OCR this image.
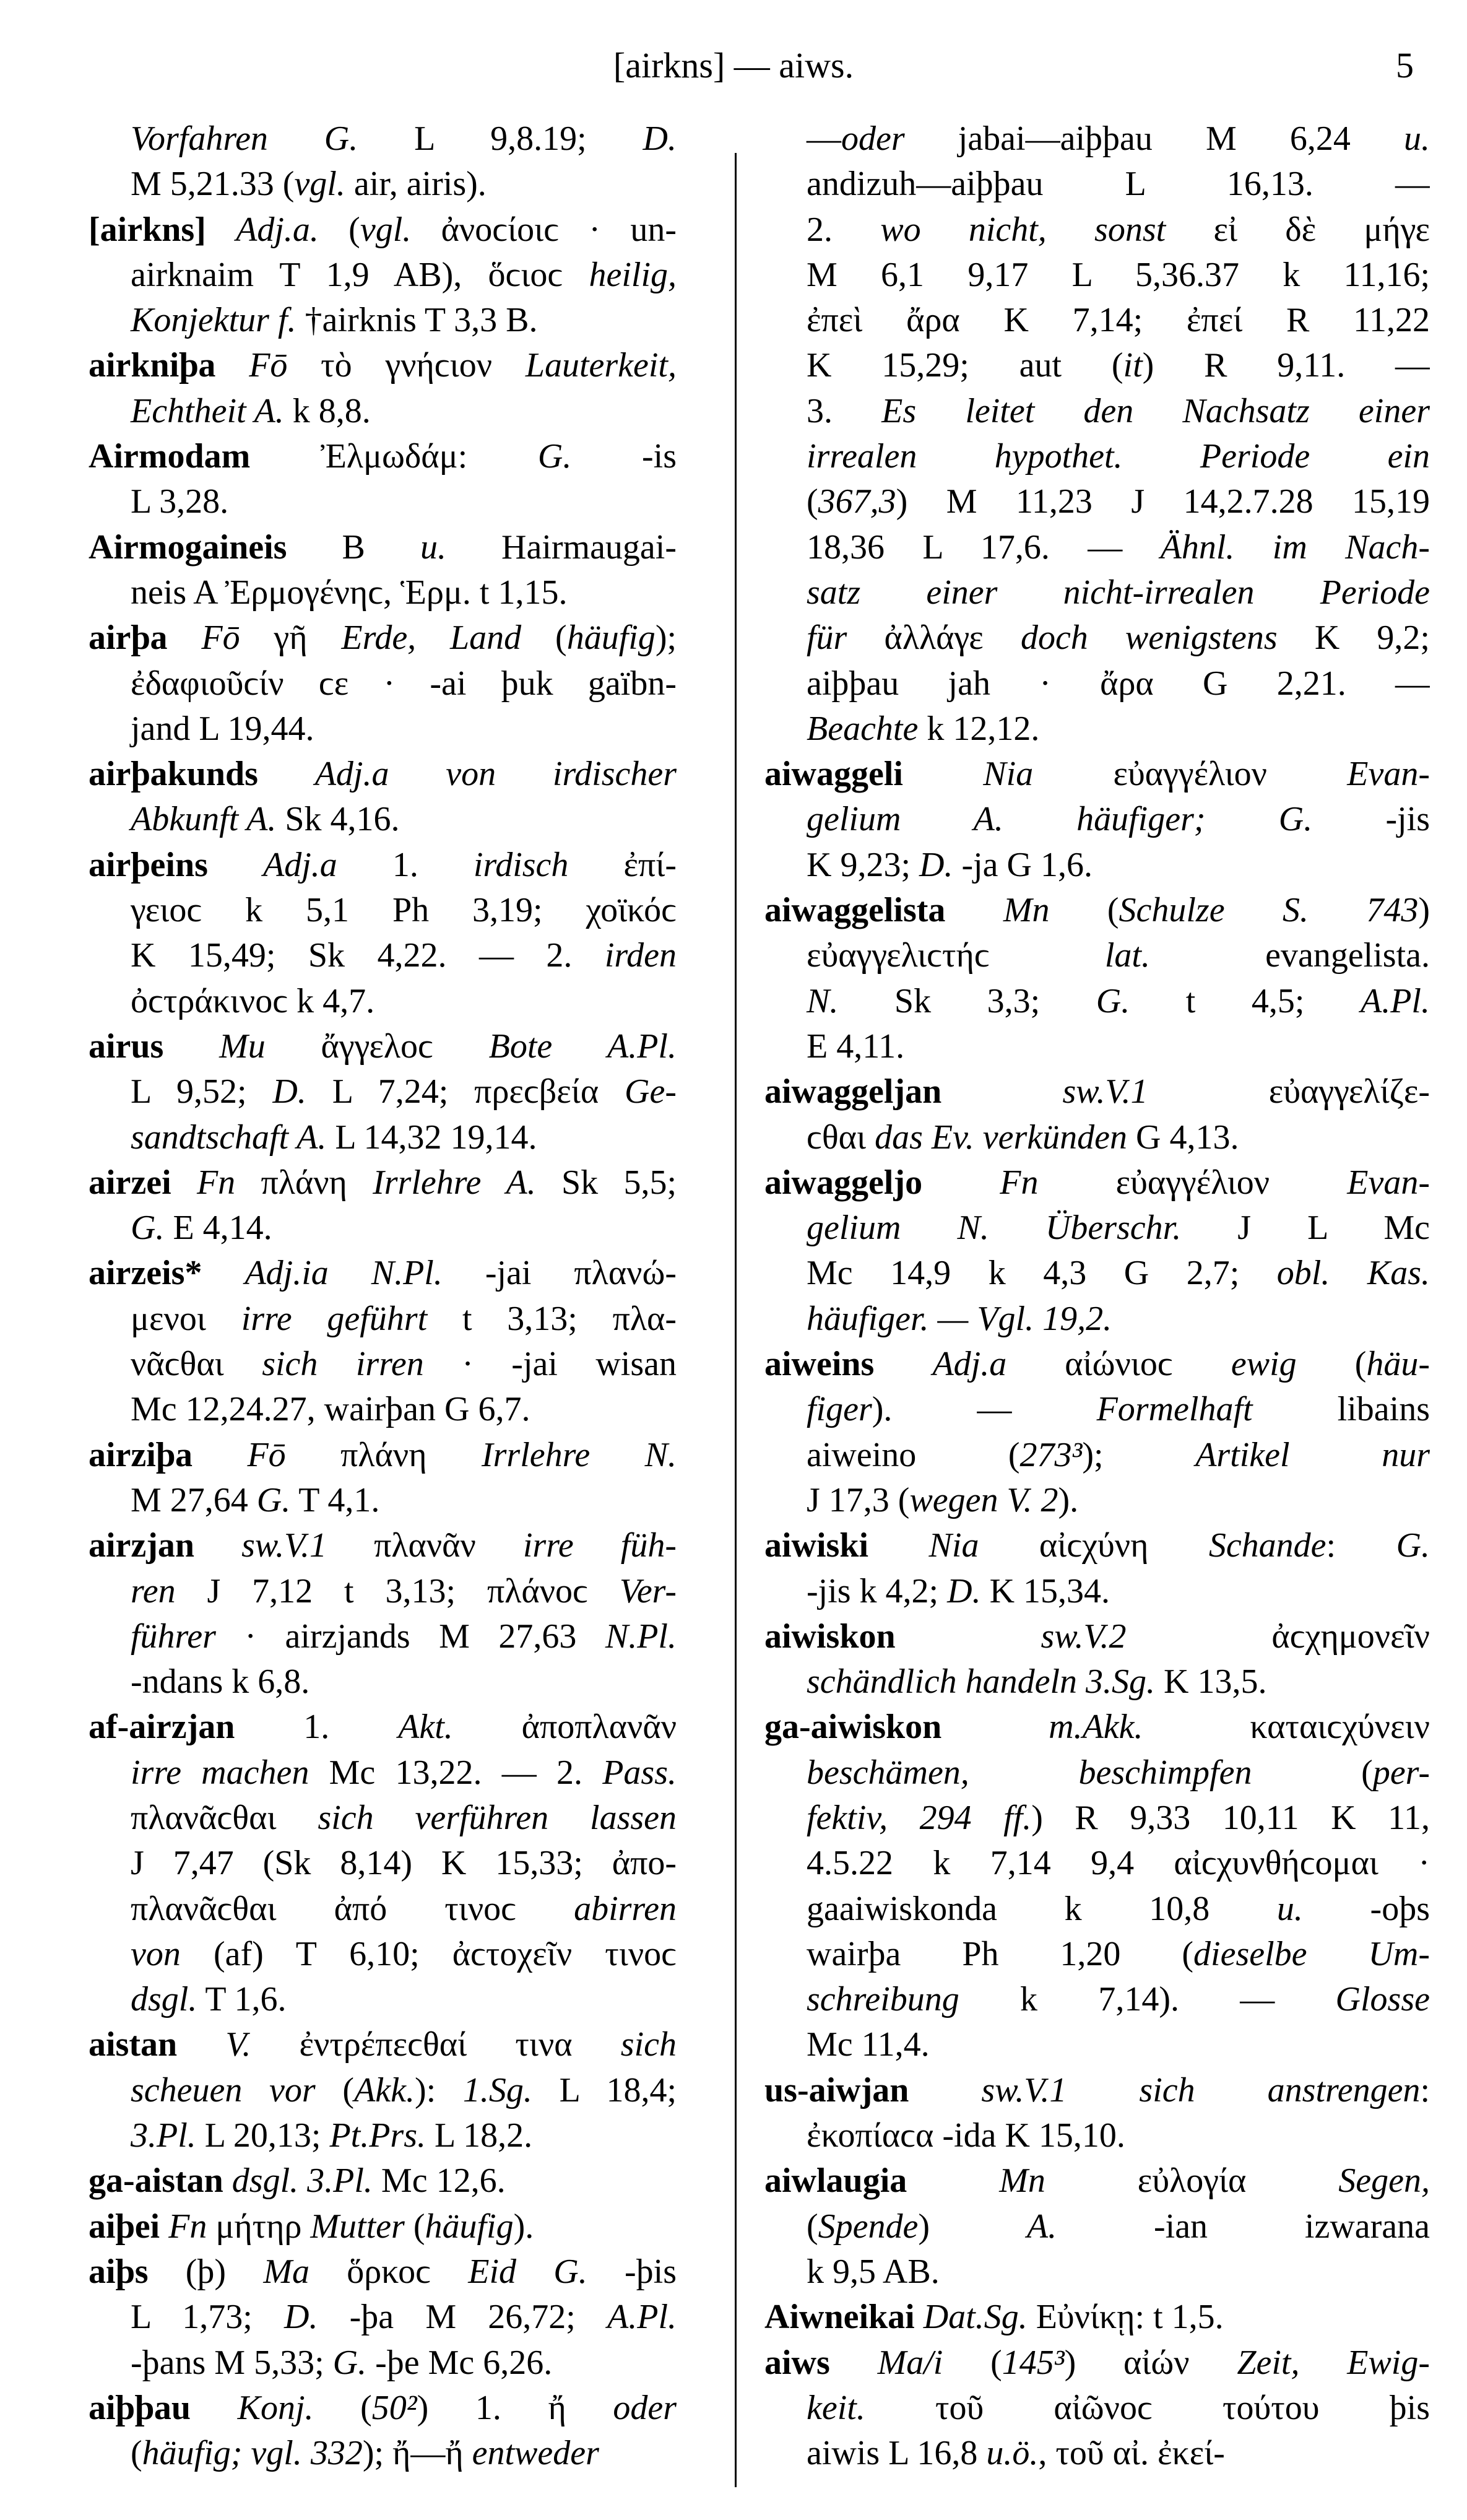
[airkns] — aiws.	5
Vorfahren G. L 9,8.19; D.
M 5,21.33 (vgl. air, airis).
[airkns] Adj.a. (vgl. ἀνοϲίοιϲ · un-
airknaim T 1,9 AB), ὅϲιοϲ heilig,
Konjektur f. †airknis T 3,3 B.
airkniþa Fō τὸ γνήϲιον Lauterkeit,
Echtheit A. k 8,8.
Airmodam Ἐλμωδάμ: G. -is
L 3,28.
Airmogaineis B u. Hairmaugai-
neis A Ἐρμογένηϲ, Ἑρμ. t 1,15.
airþa Fō γῆ Erde, Land (häufig);
ἐδαφιοῦϲίν ϲε · -ai þuk gaïbn-
jand L 19,44.
airþakunds Adj.a von irdischer
Abkunft A. Sk 4,16.
airþeins Adj.a 1. irdisch ἐπί-
γειοϲ k 5,1 Ph 3,19; χοϊκόϲ
K 15,49; Sk 4,22. — 2. irden
ὀϲτράκινοϲ k 4,7.
airus Mu ἄγγελοϲ Bote A.Pl.
L 9,52; D. L 7,24; πρεϲβεία Ge-
sandtschaft A. L 14,32 19,14.
airzei Fn πλάνη Irrlehre A. Sk 5,5;
G. E 4,14.
airzeis* Adj.ia N.Pl. -jai πλανώ-
μενοι irre geführt t 3,13; πλα-
νᾶϲθαι sich irren · -jai wisan
Mc 12,24.27, wairþan G 6,7.
airziþa Fō πλάνη Irrlehre N.
M 27,64 G. T 4,1.
airzjan sw.V.1 πλανᾶν irre füh-
ren J 7,12 t 3,13; πλάνοϲ Ver-
führer · airzjands M 27,63 N.Pl.
-ndans k 6,8.
af-airzjan 1. Akt. ἀποπλανᾶν
irre machen Mc 13,22. — 2. Pass.
πλανᾶϲθαι sich verführen lassen
J 7,47 (Sk 8,14) K 15,33; ἀπο-
πλανᾶϲθαι ἀπό τινοϲ abirren
von (af) T 6,10; ἀϲτοχεῖν τινοϲ
dsgl. T 1,6.
aistan V. ἐντρέπεϲθαί τινα sich
scheuen vor (Akk.): 1.Sg. L 18,4;
3.Pl. L 20,13; Pt.Prs. L 18,2.
ga-aistan dsgl. 3.Pl. Mc 12,6.
aiþei Fn μήτηρ Mutter (häufig).
aiþs (þ) Ma ὅρκοϲ Eid G. -þis
L 1,73; D. -þa M 26,72; A.Pl.
-þans M 5,33; G. -þe Mc 6,26.
aiþþau Konj. (50²) 1. ἤ oder
(häufig; vgl. 332); ἤ—ἤ entweder
—oder jabai—aiþþau M 6,24 u.
andizuh—aiþþau L 16,13. —
2. wo nicht, sonst εἰ δὲ μήγε
M 6,1 9,17 L 5,36.37 k 11,16;
ἐπεὶ ἄρα K 7,14; ἐπεί R 11,22
K 15,29; aut (it) R 9,11. —
3. Es leitet den Nachsatz einer
irrealen hypothet. Periode ein
(367,3) M 11,23 J 14,2.7.28 15,19
18,36 L 17,6. — Ähnl. im Nach-
satz einer nicht-irrealen Periode
für ἀλλάγε doch wenigstens K 9,2;
aiþþau jah · ἄρα G 2,21. —
Beachte k 12,12.
aiwaggeli Nia εὐαγγέλιον Evan-
gelium A. häufiger; G. -jis
K 9,23; D. -ja G 1,6.
aiwaggelista Mn (Schulze S. 743)
εὐαγγελιϲτήϲ lat. evangelista.
N. Sk 3,3; G. t 4,5; A.Pl.
E 4,11.
aiwaggeljan	sw.V.1 εὐαγγελίζε-
ϲθαι das Ev. verkünden G 4,13.
aiwaggeljo Fn εὐαγγέλιον Evan-
gelium N. Überschr. J L Mc
Mc 14,9 k 4,3 G 2,7; obl. Kas.
häufiger. — Vgl. 19,2.
aiweins Adj.a αἰώνιοϲ ewig (häu-
figer). — Formelhaft libains
aiweino (273³); Artikel nur
J 17,3 (wegen V. 2).
aiwiski Nia αἰϲχύνη Schande: G.
-jis k 4,2; D. K 15,34.
aiwiskon	sw.V.2 ἀϲχημονεῖν
schändlich handeln 3.Sg. K 13,5.
ga-aiwiskon	m.Akk. καταιϲχύνειν
beschämen, beschimpfen (per-
fektiv, 294 ff.) R 9,33 10,11 K 11,
4.5.22 k 7,14 9,4 αἰϲχυνθήϲομαι ·
gaaiwiskonda k 10,8 u. -oþs
wairþa Ph 1,20 (dieselbe Um-
schreibung k 7,14). — Glosse
Mc 11,4.
us-aiwjan sw.V.1 sich anstrengen:
ἐκοπίαϲα -ida K 15,10.
aiwlaugia	Mn εὐλογία Segen,
(Spende) A. -ian izwarana
k 9,5 AB.
Aiwneikai Dat.Sg. Εὐνίκῃ: t 1,5.
aiws Ma/i (145³) αἰών Zeit, Ewig-
keit. τοῦ αἰῶνοϲ τούτου þis
aiwis L 16,8 u.ö., τοῦ αἰ. ἐκεί-
